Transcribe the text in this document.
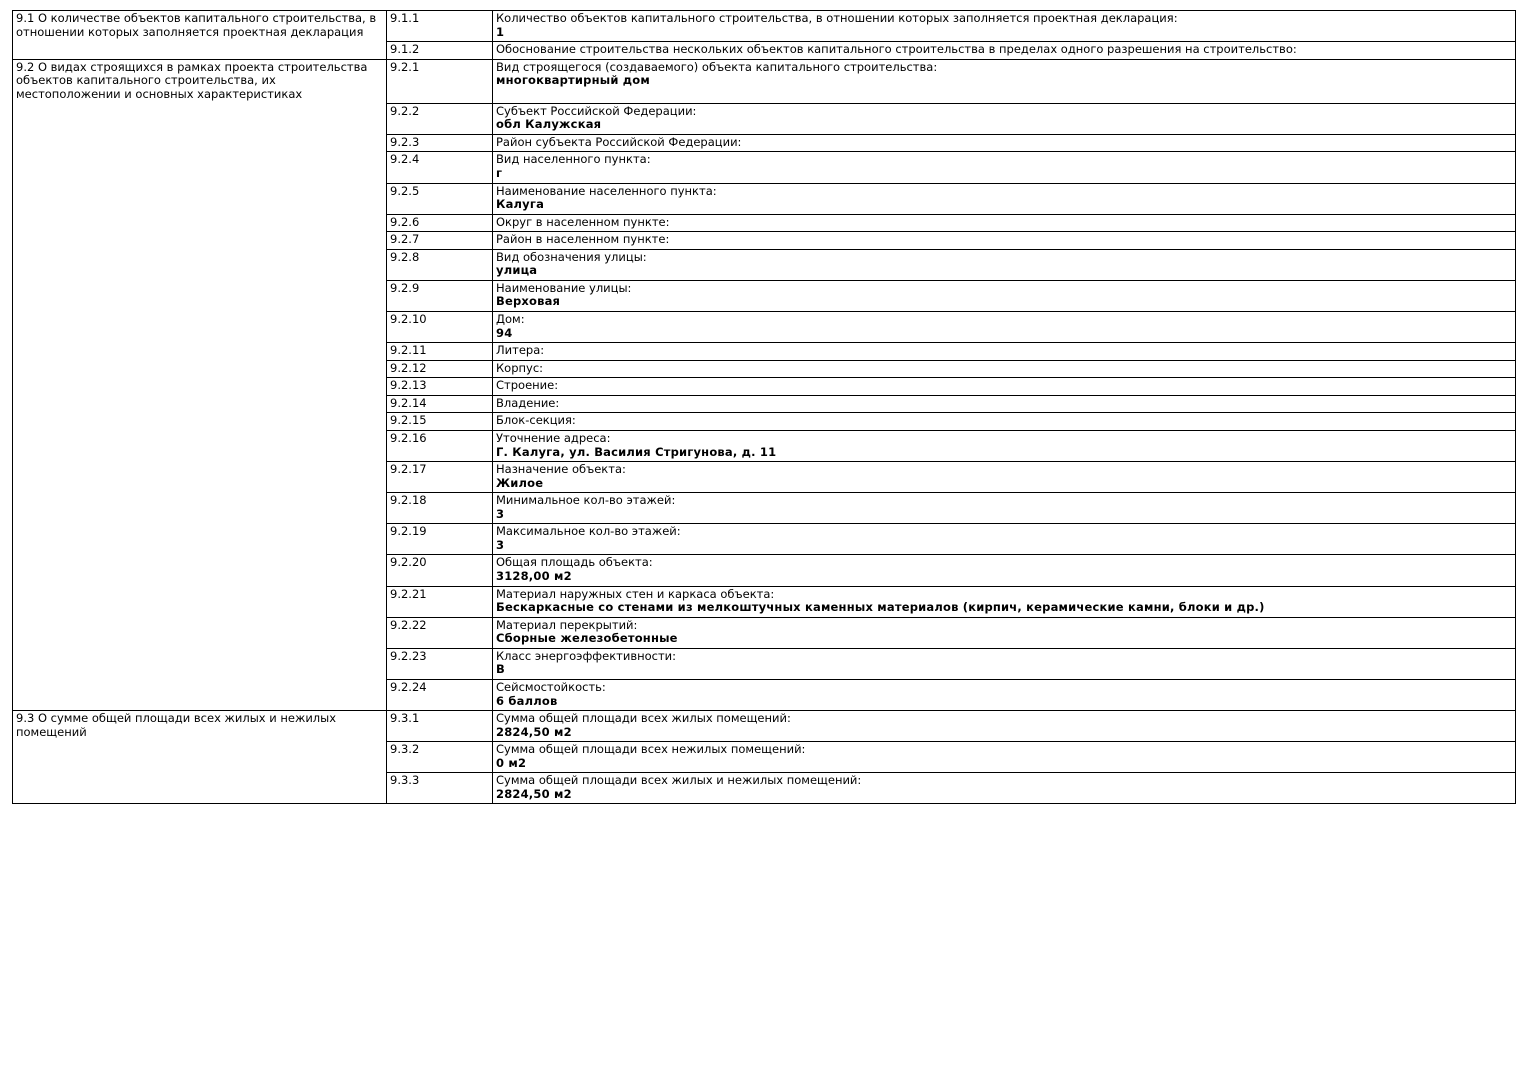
9.1 О количестве объектов капитального строительства, в отношении которых заполняется проектная декларация	9.1.1	Количество объектов капитального строительства, в отношении которых заполняется проектная декларация:
1

	9.1.2	Обоснование строительства нескольких объектов капитального строительства в пределах одного разрешения на строительство:

9.2 О видах строящихся в рамках проекта строительства объектов капитального строительства, их местоположении и основных характеристиках	9.2.1	Вид строящегося (создаваемого) объекта капитального строительства:
многоквартирный дом

	9.2.2	Субъект Российской Федерации:
обл Калужская

	9.2.3	Район субъекта Российской Федерации:

	9.2.4	Вид населенного пункта:
г

	9.2.5	Наименование населенного пункта:
Калуга

	9.2.6	Округ в населенном пункте:

	9.2.7	Район в населенном пункте:

	9.2.8	Вид обозначения улицы:
улица

	9.2.9	Наименование улицы:
Верховая

	9.2.10	Дом:
94

	9.2.11	Литера:

	9.2.12	Корпус:

	9.2.13	Строение:

	9.2.14	Владение:

	9.2.15	Блок-секция:

	9.2.16	Уточнение адреса:
Г. Калуга, ул. Василия Стригунова, д. 11

	9.2.17	Назначение объекта:
Жилое

	9.2.18	Минимальное кол-во этажей:
3

	9.2.19	Максимальное кол-во этажей:
3

	9.2.20	Общая площадь объекта:
3128,00 м2

	9.2.21	Материал наружных стен и каркаса объекта:
Бескаркасные со стенами из мелкоштучных каменных материалов (кирпич, керамические камни, блоки и др.)

	9.2.22	Материал перекрытий:
Сборные железобетонные

	9.2.23	Класс энергоэффективности:
В

	9.2.24	Сейсмостойкость:
6 баллов

9.3 О сумме общей площади всех жилых и нежилых помещений	9.3.1	Сумма общей площади всех жилых помещений:
2824,50 м2

	9.3.2	Сумма общей площади всех нежилых помещений:
0 м2

	9.3.3	Сумма общей площади всех жилых и нежилых помещений:
2824,50 м2
